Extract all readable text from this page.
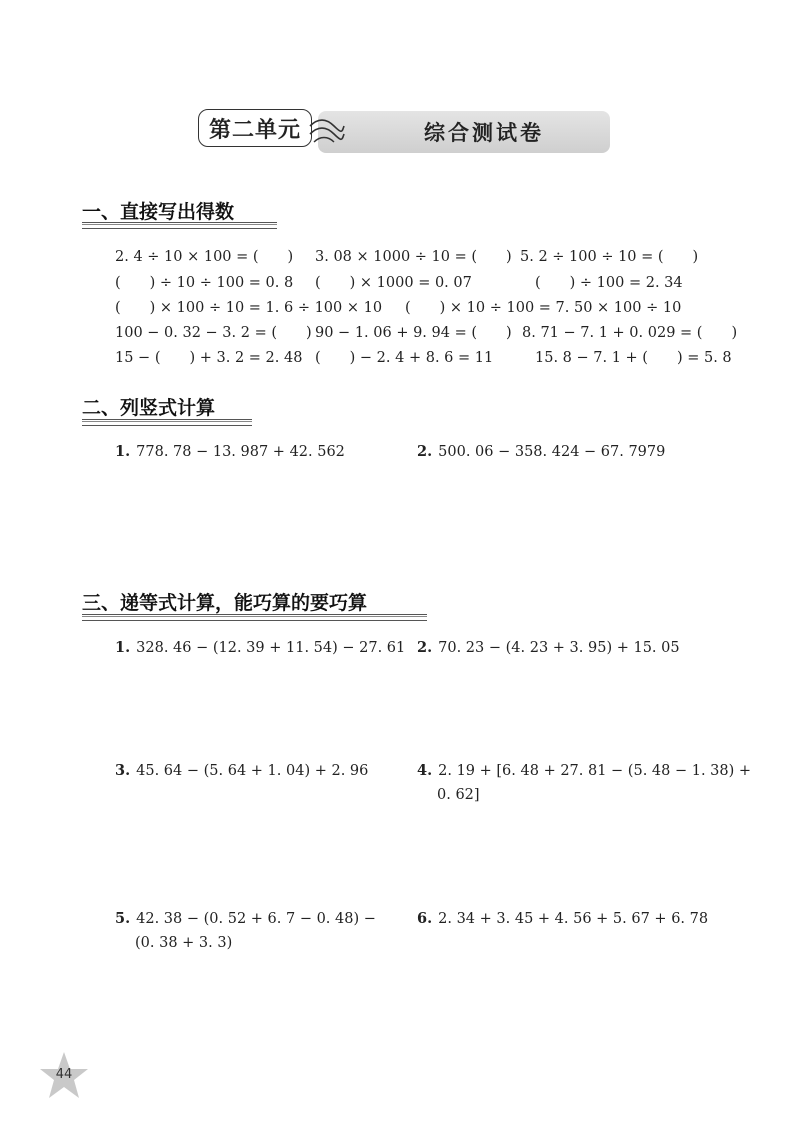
综合测试卷
第二单元
一、直接写出得数
2. 4 ÷ 10 × 100 = (　　) 3. 08 × 1000 ÷ 10 = (　　) 5. 2 ÷ 100 ÷ 10 = (　　)
(　　) ÷ 10 ÷ 100 = 0. 8 (　　) × 1000 = 0. 07	(　　) ÷ 100 = 2. 34
(　　) × 100 ÷ 10 = 1. 6 ÷ 100 × 10 (　　) × 10 ÷ 100 = 7. 50 × 100 ÷ 10
100 − 0. 32 − 3. 2 = (　　) 90 − 1. 06 + 9. 94 = (　　) 8. 71 − 7. 1 + 0. 029 = (　　)
15 − (　　) + 3. 2 = 2. 48 (　　) − 2. 4 + 8. 6 = 11	15. 8 − 7. 1 + (　　) = 5. 8
二、列竖式计算
1. 778. 78 − 13. 987 + 42. 562	2. 500. 06 − 358. 424 − 67. 7979
三、递等式计算，能巧算的要巧算
1. 328. 46 − (12. 39 + 11. 54) − 27. 61 2. 70. 23 − (4. 23 + 3. 95) + 15. 05
3. 45. 64 − (5. 64 + 1. 04) + 2. 96	4. 2. 19 + [6. 48 + 27. 81 − (5. 48 − 1. 38) +
0. 62]
5. 42. 38 − (0. 52 + 6. 7 − 0. 48) −
(0. 38 + 3. 3)
6. 2. 34 + 3. 45 + 4. 56 + 5. 67 + 6. 78
44
